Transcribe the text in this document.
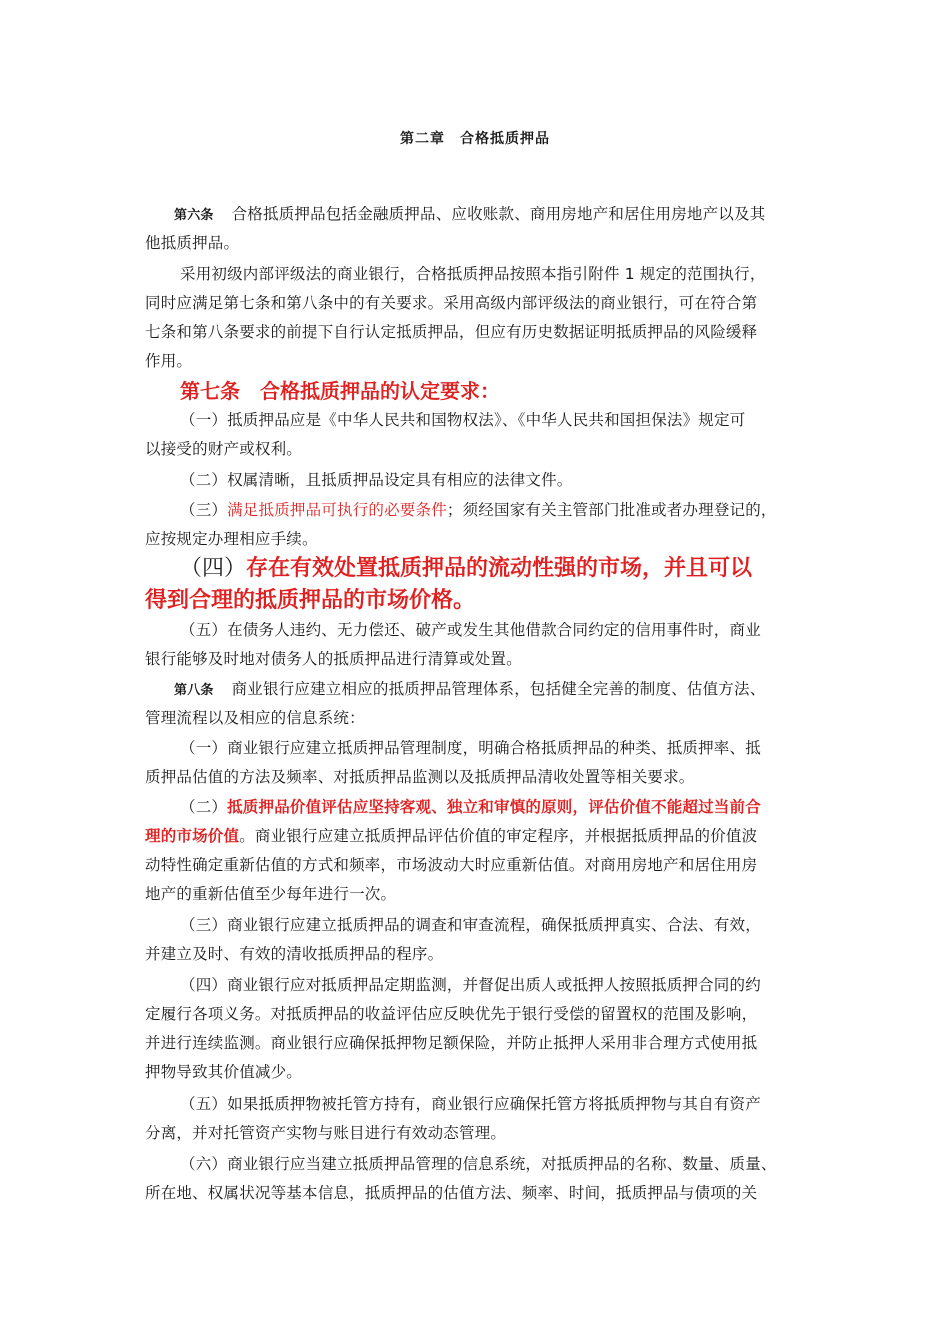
第二章　合格抵质押品
第六条 合格抵质押品包括金融质押品、应收账款、商用房地产和居住用房地产以及其
他抵质押品。
采用初级内部评级法的商业银行，合格抵质押品按照本指引附件 1 规定的范围执行，
同时应满足第七条和第八条中的有关要求。采用高级内部评级法的商业银行，可在符合第
七条和第八条要求的前提下自行认定抵质押品，但应有历史数据证明抵质押品的风险缓释
作用。
第七条　合格抵质押品的认定要求：
（一）抵质押品应是《中华人民共和国物权法》、《中华人民共和国担保法》规定可
以接受的财产或权利。
（二）权属清晰，且抵质押品设定具有相应的法律文件。
（三）满足抵质押品可执行的必要条件；须经国家有关主管部门批准或者办理登记的，
应按规定办理相应手续。
（四）存在有效处置抵质押品的流动性强的市场，并且可以
得到合理的抵质押品的市场价格。
（五）在债务人违约、无力偿还、破产或发生其他借款合同约定的信用事件时，商业
银行能够及时地对债务人的抵质押品进行清算或处置。
第八条 商业银行应建立相应的抵质押品管理体系，包括健全完善的制度、估值方法、
管理流程以及相应的信息系统：
（一）商业银行应建立抵质押品管理制度，明确合格抵质押品的种类、抵质押率、抵
质押品估值的方法及频率、对抵质押品监测以及抵质押品清收处置等相关要求。
（二）抵质押品价值评估应坚持客观、独立和审慎的原则，评估价值不能超过当前合
理的市场价值。商业银行应建立抵质押品评估价值的审定程序，并根据抵质押品的价值波
动特性确定重新估值的方式和频率，市场波动大时应重新估值。对商用房地产和居住用房
地产的重新估值至少每年进行一次。
（三）商业银行应建立抵质押品的调查和审查流程，确保抵质押真实、合法、有效，
并建立及时、有效的清收抵质押品的程序。
（四）商业银行应对抵质押品定期监测，并督促出质人或抵押人按照抵质押合同的约
定履行各项义务。对抵质押品的收益评估应反映优先于银行受偿的留置权的范围及影响，
并进行连续监测。商业银行应确保抵押物足额保险，并防止抵押人采用非合理方式使用抵
押物导致其价值减少。
（五）如果抵质押物被托管方持有，商业银行应确保托管方将抵质押物与其自有资产
分离，并对托管资产实物与账目进行有效动态管理。
（六）商业银行应当建立抵质押品管理的信息系统，对抵质押品的名称、数量、质量、
所在地、权属状况等基本信息，抵质押品的估值方法、频率、时间，抵质押品与债项的关
